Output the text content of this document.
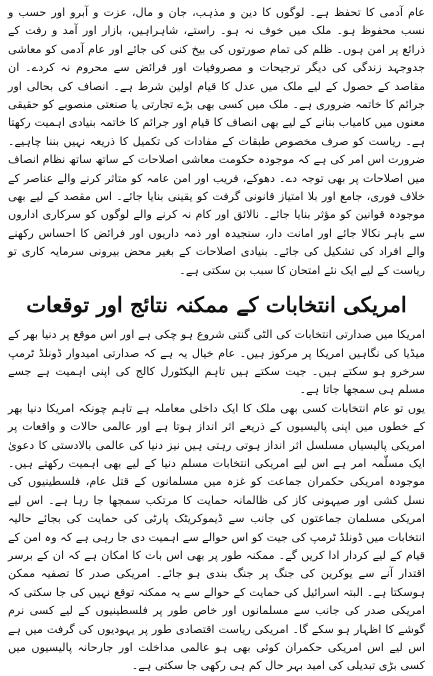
عام آدمی کا تحفظ ہے۔ لوگوں کا دین و مذہب، جان و مال، عزت و آبرو اور حسب و نسب محفوظ ہو۔ ملک میں خوف نہ ہو۔ راستے، شاہراہیں، بازار اور آمد و رفت کے ذرائع پر امن ہوں۔ ظلم کی تمام صورتوں کی بیخ کنی کی جائے اور عام آدمی کو معاشی جدوجہد زندگی کی دیگر ترجیحات و مصروفیات اور فرائض سے محروم نہ کردے۔ ان مقاصد کے حصول کے لیے ملک میں عدل کا قیام اولین شرط ہے۔ انصاف کی بحالی اور جرائم کا خاتمہ ضروری ہے۔ ملک میں کسی بھی بڑے تجارتی یا صنعتی منصوبے کو حقیقی معنوں میں کامیاب بنانے کے لیے بھی انصاف کا قیام اور جرائم کا خاتمہ بنیادی اہمیت رکھتا ہے۔ ریاست کو صرف مخصوص طبقات کے مفادات کی تکمیل کا ذریعہ نہیں بننا چاہیے۔ ضرورت اس امر کی ہے کہ موجودہ حکومت معاشی اصلاحات کے ساتھ ساتھ نظام انصاف میں اصلاحات پر بھی توجہ دے۔ دھوکے، فریب اور امن عامہ کو متاثر کرنے والے عناصر کے خلاف فوری، جامع اور بلا امتیاز قانونی گرفت کو یقینی بنایا جائے۔ اس مقصد کے لیے بھی موجودہ قوانین کو مؤثر بنایا جائے۔ نالائق اور کام نہ کرنے والے لوگوں کو سرکاری اداروں سے باہر نکالا جائے اور امانت دار، سنجیدہ اور ذمہ داریوں اور فرائض کا احساس رکھنے والے افراد کی تشکیل کی جائے۔ بنیادی اصلاحات کے بغیر محض بیرونی سرمایہ کاری تو ریاست کے لیے ایک نئے امتحان کا سبب بن سکتی ہے۔

امریکی انتخابات کے ممکنہ نتائج اور توقعات

امریکا میں صدارتی انتخابات کی الٹی گنتی شروع ہو چکی ہے اور اس موقع پر دنیا بھر کے میڈیا کی نگاہیں امریکا پر مرکوز ہیں۔ عام خیال یہ ہے کہ صدارتی امیدوار ڈونلڈ ٹرمپ سرخرو ہو سکتے ہیں۔ جیت سکتے ہیں تاہم الیکٹورل کالج کی اپنی اہمیت ہے جسے مسلم ہی سمجھا جاتا ہے۔

یوں تو عام انتخابات کسی بھی ملک کا ایک داخلی معاملہ ہے تاہم چونکہ امریکا دنیا بھر کے خطوں میں اپنی پالیسیوں کے ذریعے اثر انداز ہوتا ہے اور عالمی حالات و واقعات پر امریکی پالیسیاں مسلسل اثر انداز ہوتی رہتی ہیں نیز دنیا کی عالمی بالادستی کا دعویٰ ایک مسلّمہ امر ہے اس لیے امریکی انتخابات مسلم دنیا کے لیے بھی اہمیت رکھتے ہیں۔ موجودہ امریکی حکمران جماعت کو غزہ میں مسلمانوں کے قتل عام، فلسطینیوں کی نسل کشی اور صیہونی کاز کی ظالمانہ حمایت کا مرتکب سمجھا جا رہا ہے۔ اس لیے امریکی مسلمان جماعتوں کی جانب سے ڈیموکریٹک پارٹی کی حمایت کی بجائے حالیہ انتخابات میں ڈونلڈ ٹرمپ کی جیت کو اس حوالے سے اہمیت دی جا رہی ہے کہ وہ امن کے قیام کے لیے کردار ادا کریں گے۔ ممکنہ طور پر بھی اس بات کا امکان ہے کہ ان کے برسر اقتدار آنے سے یوکرین کی جنگ پر جنگ بندی ہو جائے۔ امریکی صدر کا تصفیہ ممکن ہوسکتا ہے۔ البتہ اسرائیل کی حمایت کے حوالے سے یہ ممکنہ توقع نہیں کی جا سکتی کہ امریکی صدر کی جانب سے مسلمانوں اور خاص طور پر فلسطینیوں کے لیے کسی نرم گوشے کا اظہار ہو سکے گا۔ امریکی ریاست اقتصادی طور پر یہودیوں کی گرفت میں ہے اس لیے اس امریکی حکمران کوئی بھی ہو عالمی مداخلت اور جارحانہ پالیسیوں میں کسی بڑی تبدیلی کی امید بہر حال کم ہی رکھی جا سکتی ہے۔
